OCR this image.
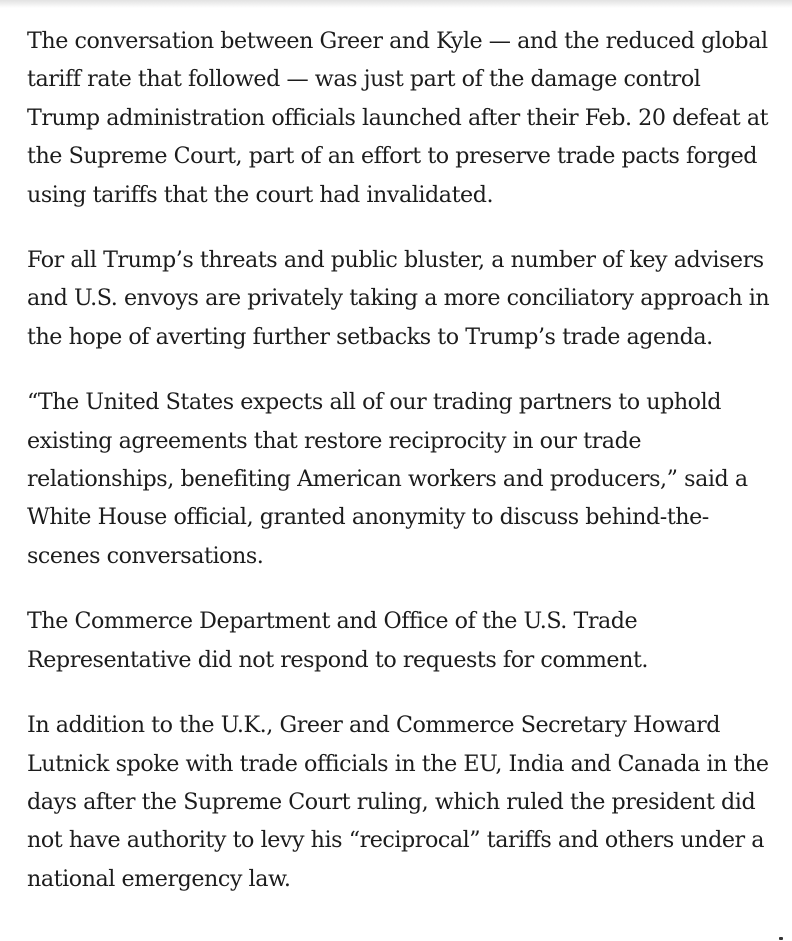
The conversation between Greer and Kyle — and the reduced global tariff rate that followed — was just part of the damage control Trump administration officials launched after their Feb. 20 defeat at the Supreme Court, part of an effort to preserve trade pacts forged using tariffs that the court had invalidated.

For all Trump’s threats and public bluster, a number of key advisers and U.S. envoys are privately taking a more conciliatory approach in the hope of averting further setbacks to Trump’s trade agenda.

“The United States expects all of our trading partners to uphold existing agreements that restore reciprocity in our trade relationships, benefiting American workers and producers,” said a White House official, granted anonymity to discuss behind-the-scenes conversations.

The Commerce Department and Office of the U.S. Trade Representative did not respond to requests for comment.

In addition to the U.K., Greer and Commerce Secretary Howard Lutnick spoke with trade officials in the EU, India and Canada in the days after the Supreme Court ruling, which ruled the president did not have authority to levy his “reciprocal” tariffs and others under a national emergency law.
